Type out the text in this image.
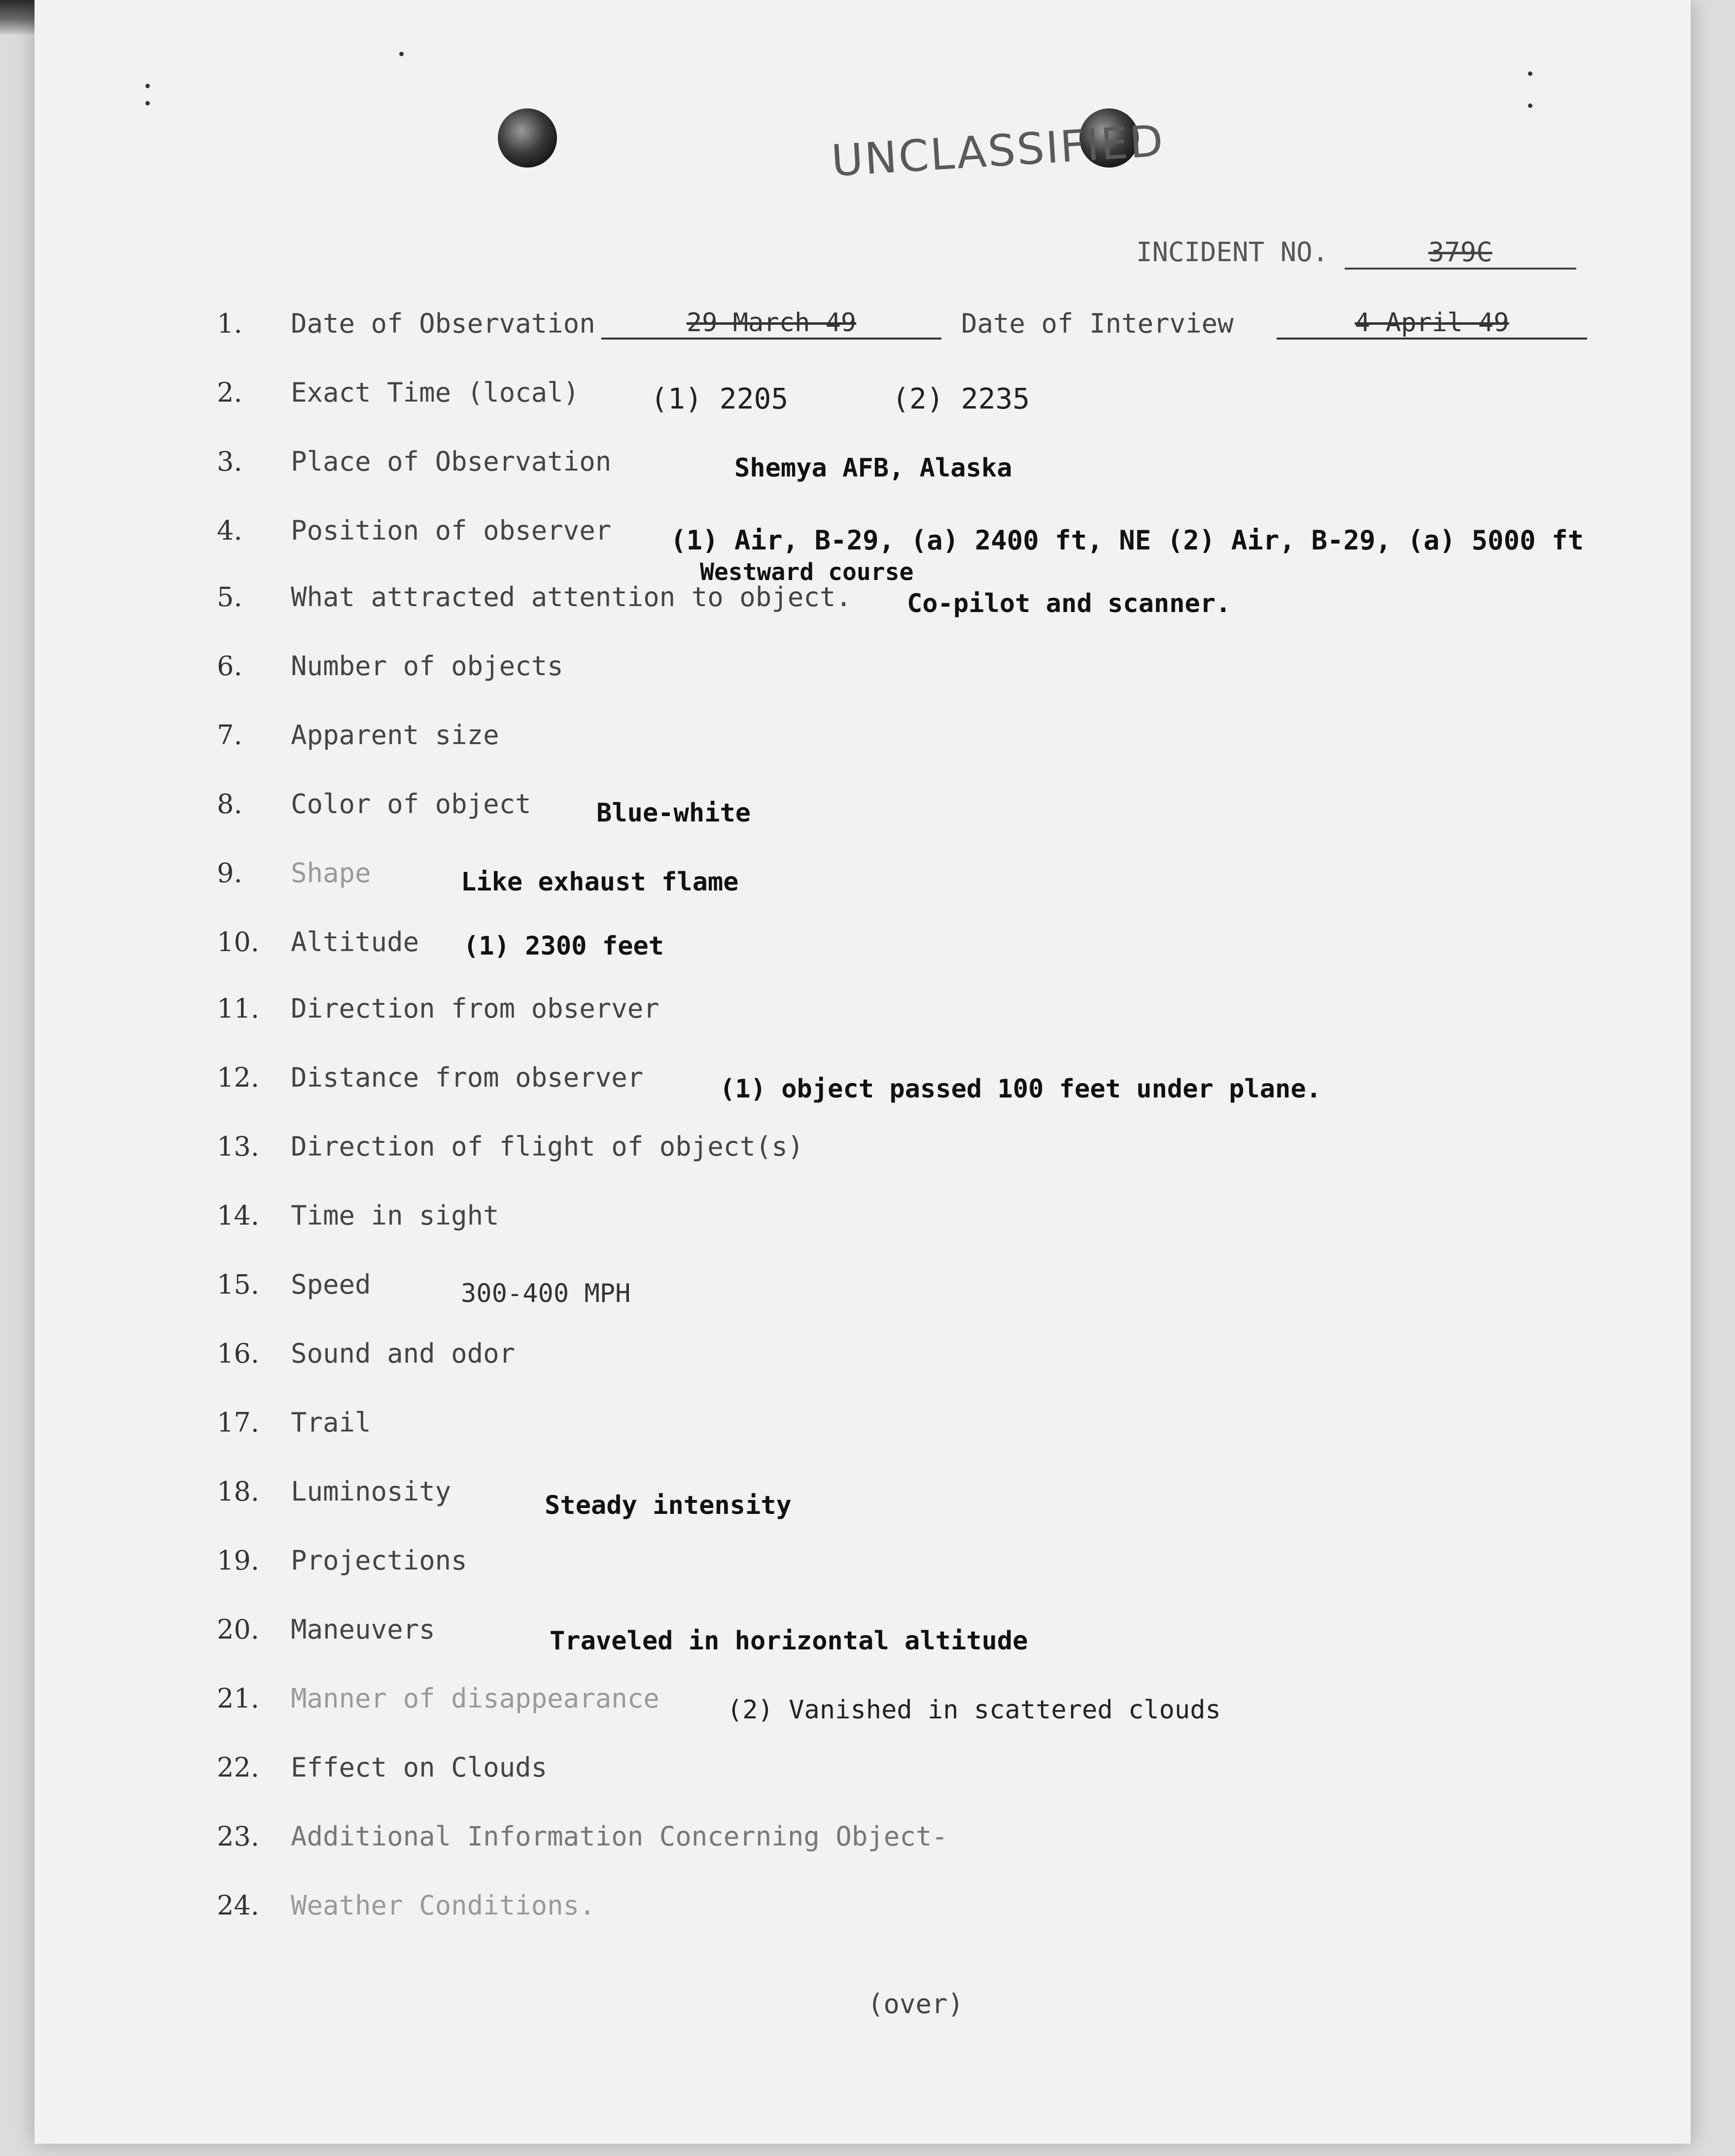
UNCLASSIFIED
INCIDENT NO.	379C
1. Date of Observation	29 March 49	Date of Interview	4 April 49
2. Exact Time (local) (1) 2205	(2) 2235
3. Place of Observation	Shemya AFB, Alaska
4. Position of observer (1) Air, B-29, (a) 2400 ft, NE (2) Air, B-29, (a) 5000 ft
Westward course
5. What attracted attention to object. Co-pilot and scanner.
6. Number of objects
7. Apparent size
8. Color of object	Blue-white
9. Shape	Like exhaust flame
10. Altitude (1) 2300 feet
11. Direction from observer
12. Distance from observer	(1) object passed 100 feet under plane.
13. Direction of flight of object(s)
14. Time in sight
15. Speed	300-400 MPH
16. Sound and odor
17. Trail
18. Luminosity	Steady intensity
19. Projections
20. Maneuvers	Traveled in horizontal altitude
21. Manner of disappearance	(2) Vanished in scattered clouds
22. Effect on Clouds
23. Additional Information Concerning Object-
24. Weather Conditions.
(over)
